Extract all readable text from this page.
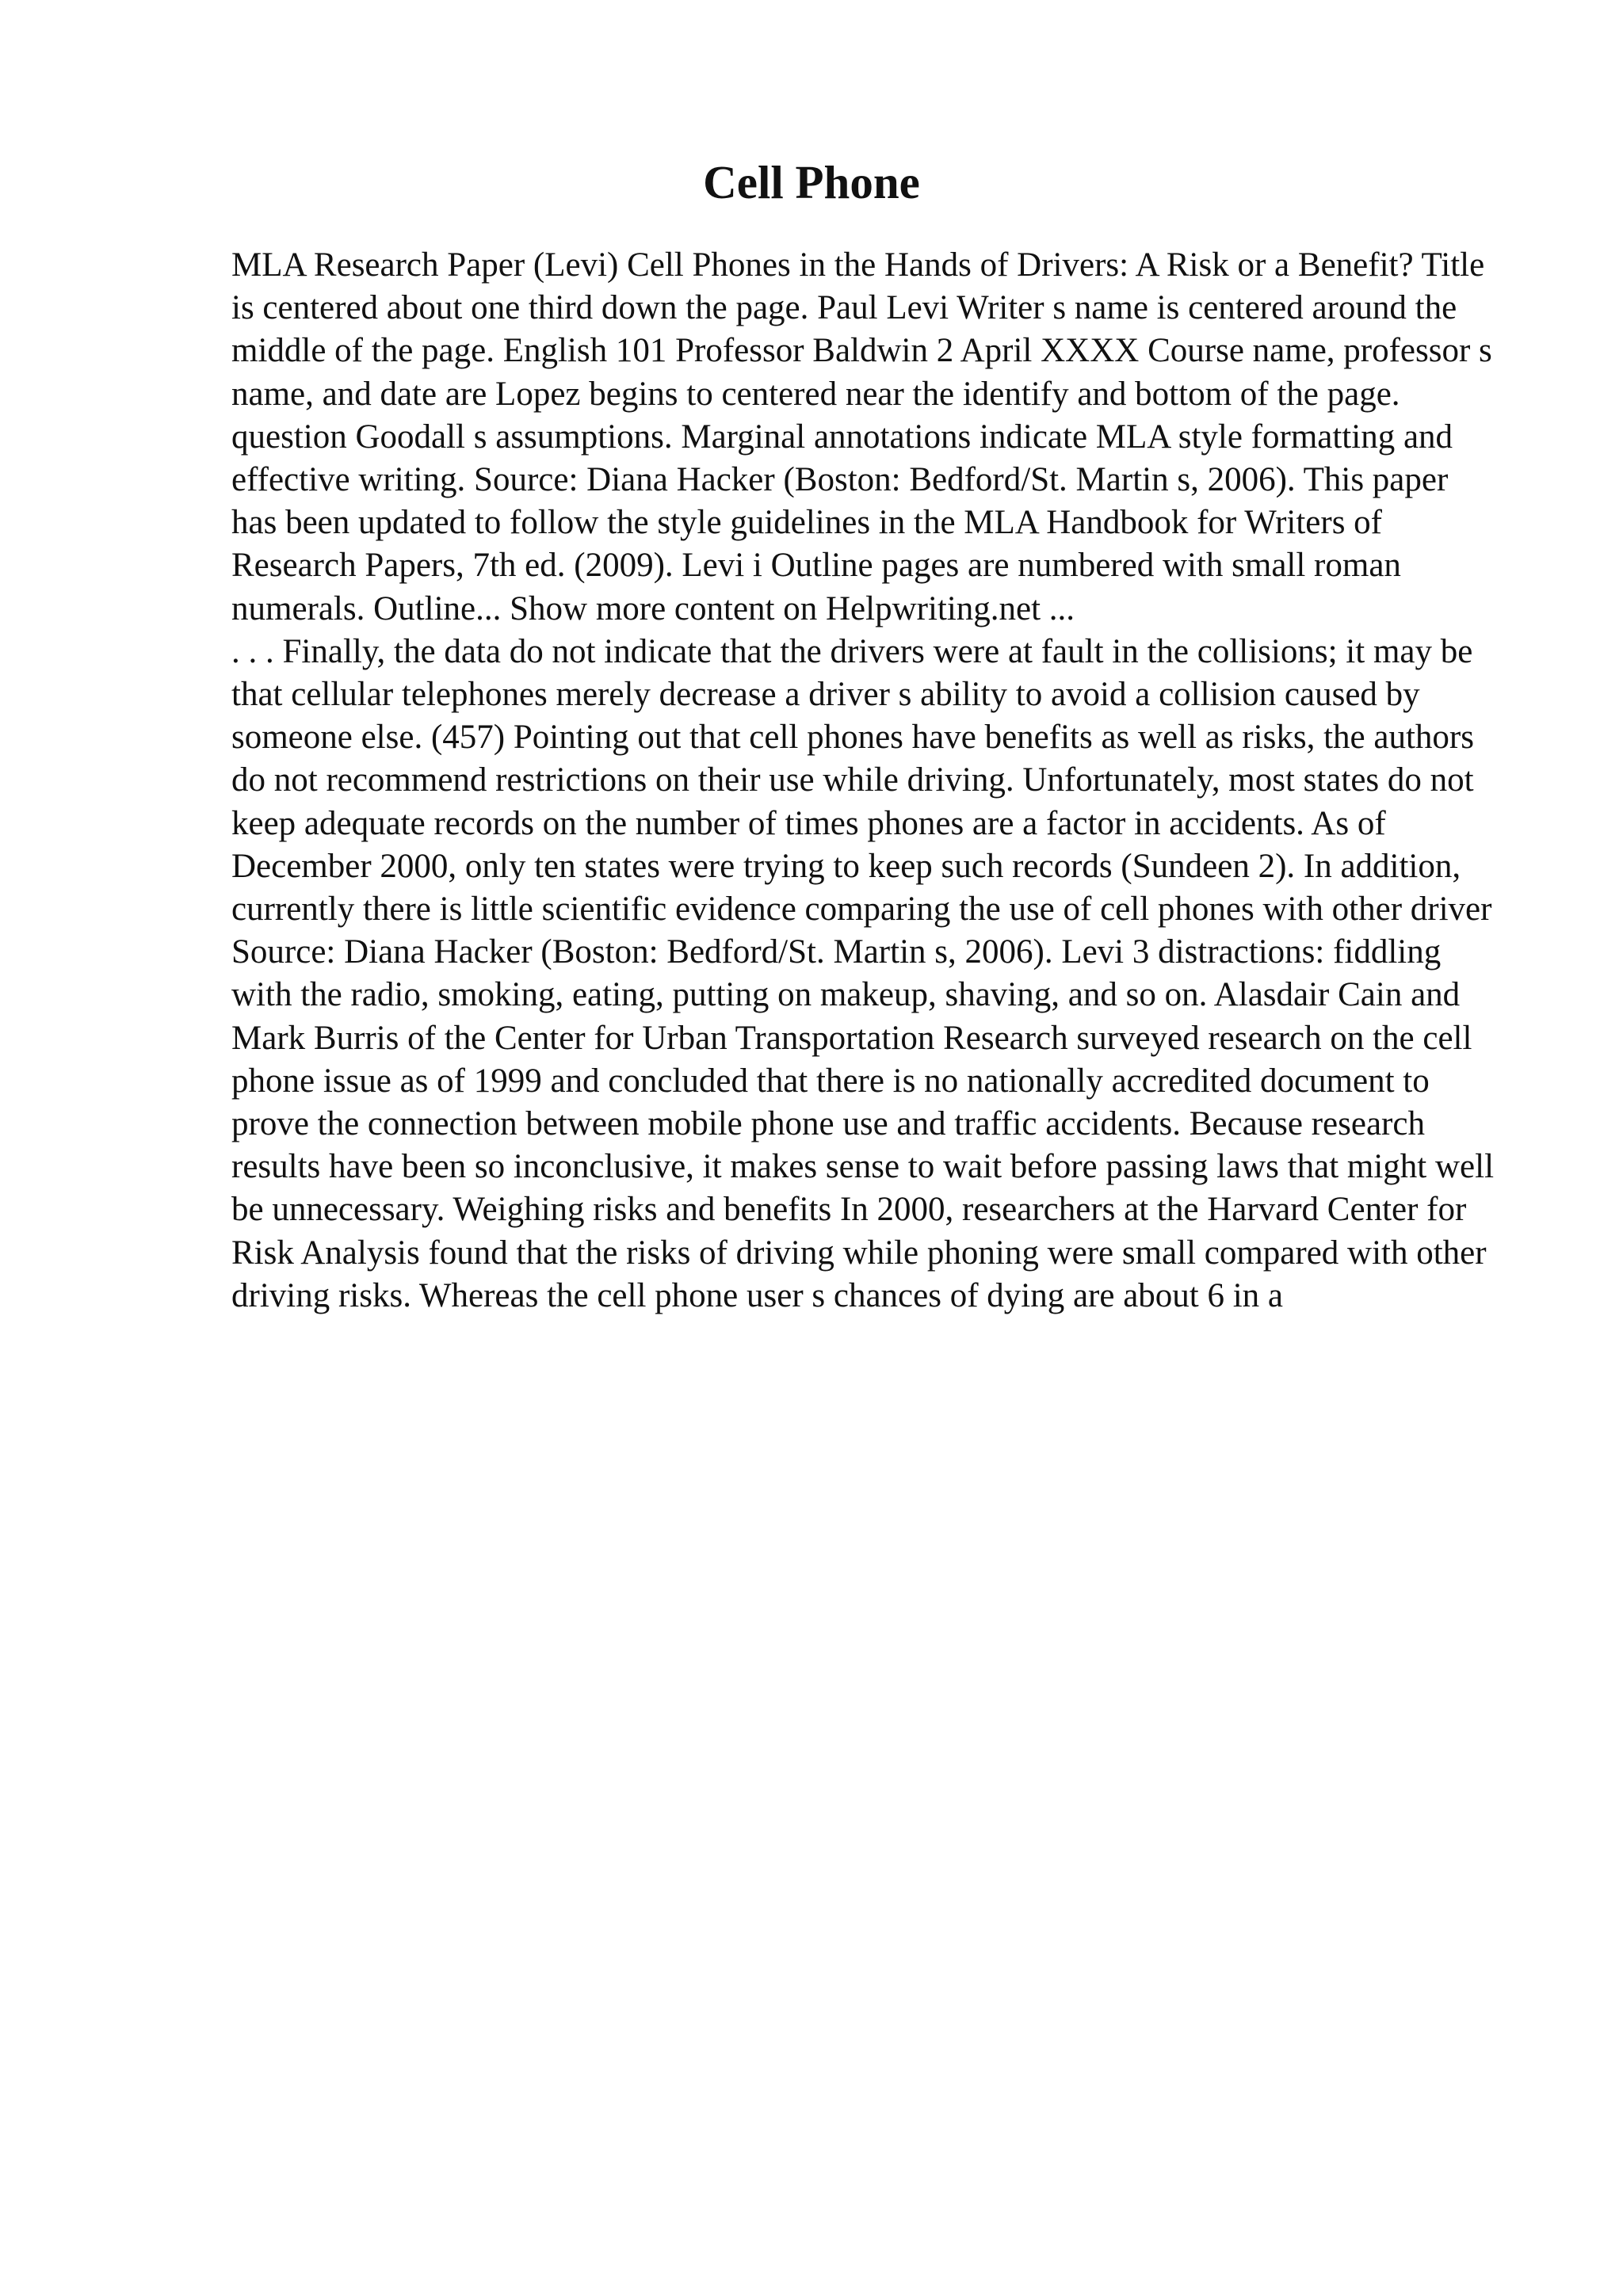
Cell Phone

MLA Research Paper (Levi) Cell Phones in the Hands of Drivers: A Risk or a Benefit? Title is centered about one third down the page. Paul Levi Writer s name is centered around the middle of the page. English 101 Professor Baldwin 2 April XXXX Course name, professor s name, and date are Lopez begins to centered near the identify and bottom of the page. question Goodall s assumptions. Marginal annotations indicate MLA style formatting and effective writing. Source: Diana Hacker (Boston: Bedford/St. Martin s, 2006). This paper has been updated to follow the style guidelines in the MLA Handbook for Writers of Research Papers, 7th ed. (2009). Levi i Outline pages are numbered with small roman numerals. Outline... Show more content on Helpwriting.net ...

. . . Finally, the data do not indicate that the drivers were at fault in the collisions; it may be that cellular telephones merely decrease a driver s ability to avoid a collision caused by someone else. (457) Pointing out that cell phones have benefits as well as risks, the authors do not recommend restrictions on their use while driving. Unfortunately, most states do not keep adequate records on the number of times phones are a factor in accidents. As of December 2000, only ten states were trying to keep such records (Sundeen 2). In addition, currently there is little scientific evidence comparing the use of cell phones with other driver Source: Diana Hacker (Boston: Bedford/St. Martin s, 2006). Levi 3 distractions: fiddling with the radio, smoking, eating, putting on makeup, shaving, and so on. Alasdair Cain and Mark Burris of the Center for Urban Transportation Research surveyed research on the cell phone issue as of 1999 and concluded that there is no nationally accredited document to prove the connection between mobile phone use and traffic accidents. Because research results have been so inconclusive, it makes sense to wait before passing laws that might well be unnecessary. Weighing risks and benefits In 2000, researchers at the Harvard Center for Risk Analysis found that the risks of driving while phoning were small compared with other driving risks. Whereas the cell phone user s chances of dying are about 6 in a
